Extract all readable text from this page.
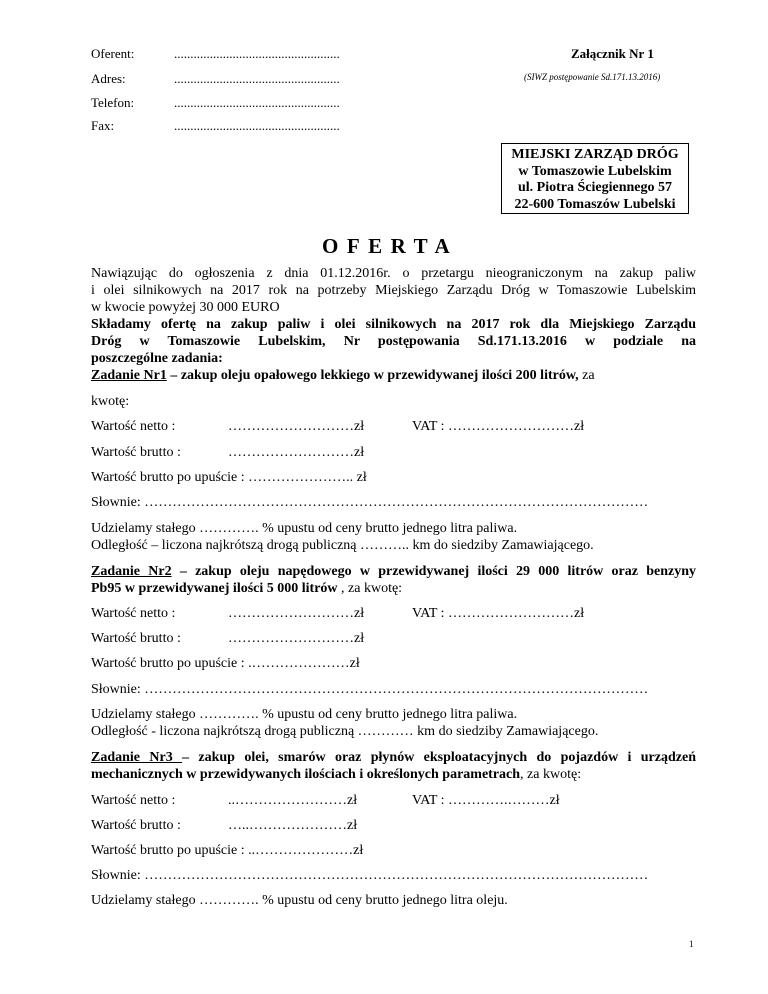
Oferent:	...................................................
Adres:	...................................................
Telefon:	...................................................
Fax:	...................................................
Załącznik Nr 1
(SIWZ postępowanie Sd.171.13.2016)
MIEJSKI ZARZĄD DRÓG
w Tomaszowie Lubelskim
ul. Piotra Ściegiennego 57
22-600 Tomaszów Lubelski
OFERTA
Nawiązując do ogłoszenia z dnia 01.12.2016r. o przetargu nieograniczonym na zakup paliw
i olei silnikowych na 2017 rok na potrzeby Miejskiego Zarządu Dróg w Tomaszowie Lubelskim
w kwocie powyżej 30 000 EURO
Składamy ofertę na zakup paliw i olei silnikowych na 2017 rok dla Miejskiego Zarządu
Dróg w Tomaszowie Lubelskim, Nr postępowania Sd.171.13.2016 w podziale na
poszczególne zadania:
Zadanie Nr1 – zakup oleju opałowego lekkiego w przewidywanej ilości 200 litrów, za
kwotę:
Wartość netto :	………………………zł	VAT : ………………………zł
Wartość brutto :	………………………zł
Wartość brutto po upuście : ………………….. zł
Słownie: ………………………………………………………………………………………………
Udzielamy stałego …………. % upustu od ceny brutto jednego litra paliwa.
Odległość – liczona najkrótszą drogą publiczną ……….. km do siedziby Zamawiającego.
Zadanie Nr2 – zakup oleju napędowego w przewidywanej ilości 29 000 litrów oraz benzyny
Pb95 w przewidywanej ilości 5 000 litrów , za kwotę:
Wartość netto :	………………………zł	VAT : ………………………zł
Wartość brutto :	………………………zł
Wartość brutto po upuście : .…………………zł
Słownie: ………………………………………………………………………………………………
Udzielamy stałego …………. % upustu od ceny brutto jednego litra paliwa.
Odległość - liczona najkrótszą drogą publiczną ………… km do siedziby Zamawiającego.
Zadanie Nr3 – zakup olei, smarów oraz płynów eksploatacyjnych do pojazdów i urządzeń
mechanicznych w przewidywanych ilościach i określonych parametrach, za kwotę:
Wartość netto :	..……………………zł	VAT : ………….………zł
Wartość brutto :	…..…………………zł
Wartość brutto po upuście : ..…………………zł
Słownie: ………………………………………………………………………………………………
Udzielamy stałego …………. % upustu od ceny brutto jednego litra oleju.
1
